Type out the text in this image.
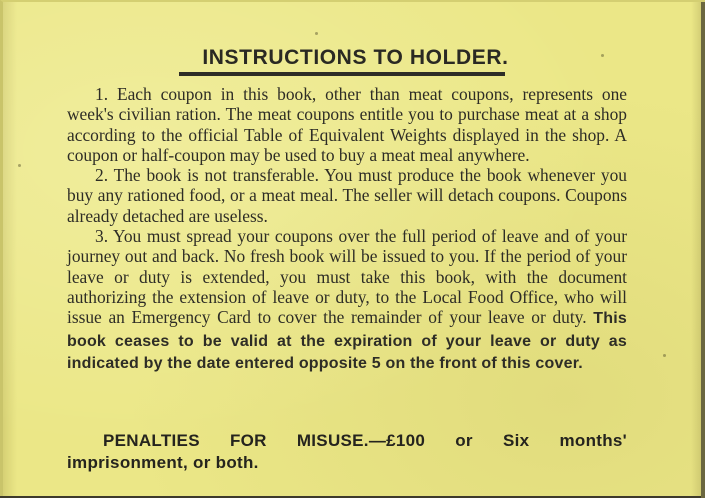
INSTRUCTIONS TO HOLDER.

1. Each coupon in this book, other than meat coupons, represents one week's civilian ration. The meat coupons entitle you to purchase meat at a shop according to the official Table of Equivalent Weights displayed in the shop. A coupon or half-coupon may be used to buy a meat meal anywhere.

2. The book is not transferable. You must produce the book whenever you buy any rationed food, or a meat meal. The seller will detach coupons. Coupons already detached are useless.

3. You must spread your coupons over the full period of leave and of your journey out and back. No fresh book will be issued to you. If the period of your leave or duty is extended, you must take this book, with the document authorizing the extension of leave or duty, to the Local Food Office, who will issue an Emergency Card to cover the remainder of your leave or duty. This book ceases to be valid at the expiration of your leave or duty as indicated by the date entered opposite 5 on the front of this cover.

PENALTIES FOR MISUSE.—£100 or Six months'
imprisonment, or both.
